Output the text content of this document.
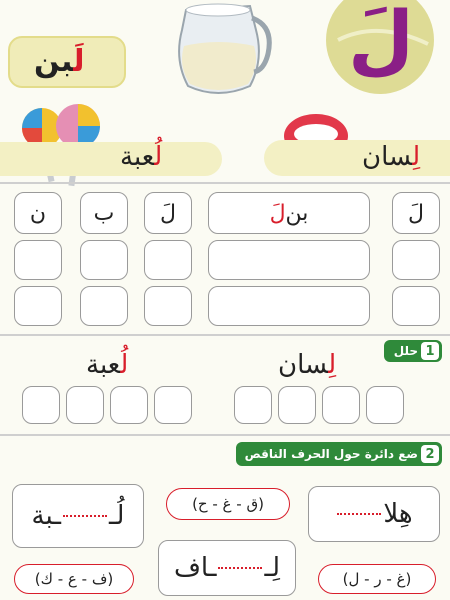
لَبن	لَ
لُعبة	لِسان
لَ
لَ بن
لَ
ب
ن
1
حلل
لِسان
لُعبة
2
ضع دائرة حول الحرف الناقص
هِلا
(غ - ر - ل)
(ق - غ - ح)
لِـ
ـاف
لُـ
ـبة
(ف - ع - ك)
